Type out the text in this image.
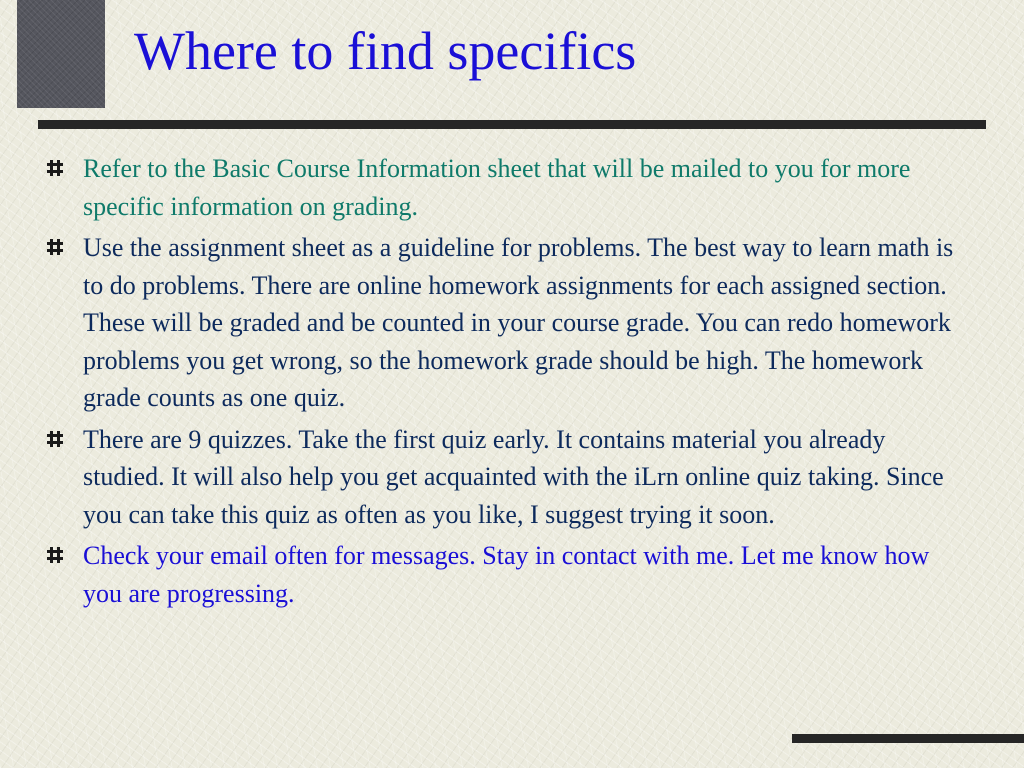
Where to find specifics
Refer to the Basic Course Information sheet that will be mailed to you for more specific information on grading.
Use the assignment sheet as a guideline for problems. The best way to learn math is to do problems. There are online homework assignments for each assigned section. These will be graded and be counted in your course grade. You can redo homework problems you get wrong, so the homework grade should be high. The homework grade counts as one quiz.
There are 9 quizzes. Take the first quiz early. It contains material you already studied. It will also help you get acquainted with the iLrn online quiz taking. Since you can take this quiz as often as you like, I suggest trying it soon.
Check your email often for messages. Stay in contact with me. Let me know how you are progressing.
